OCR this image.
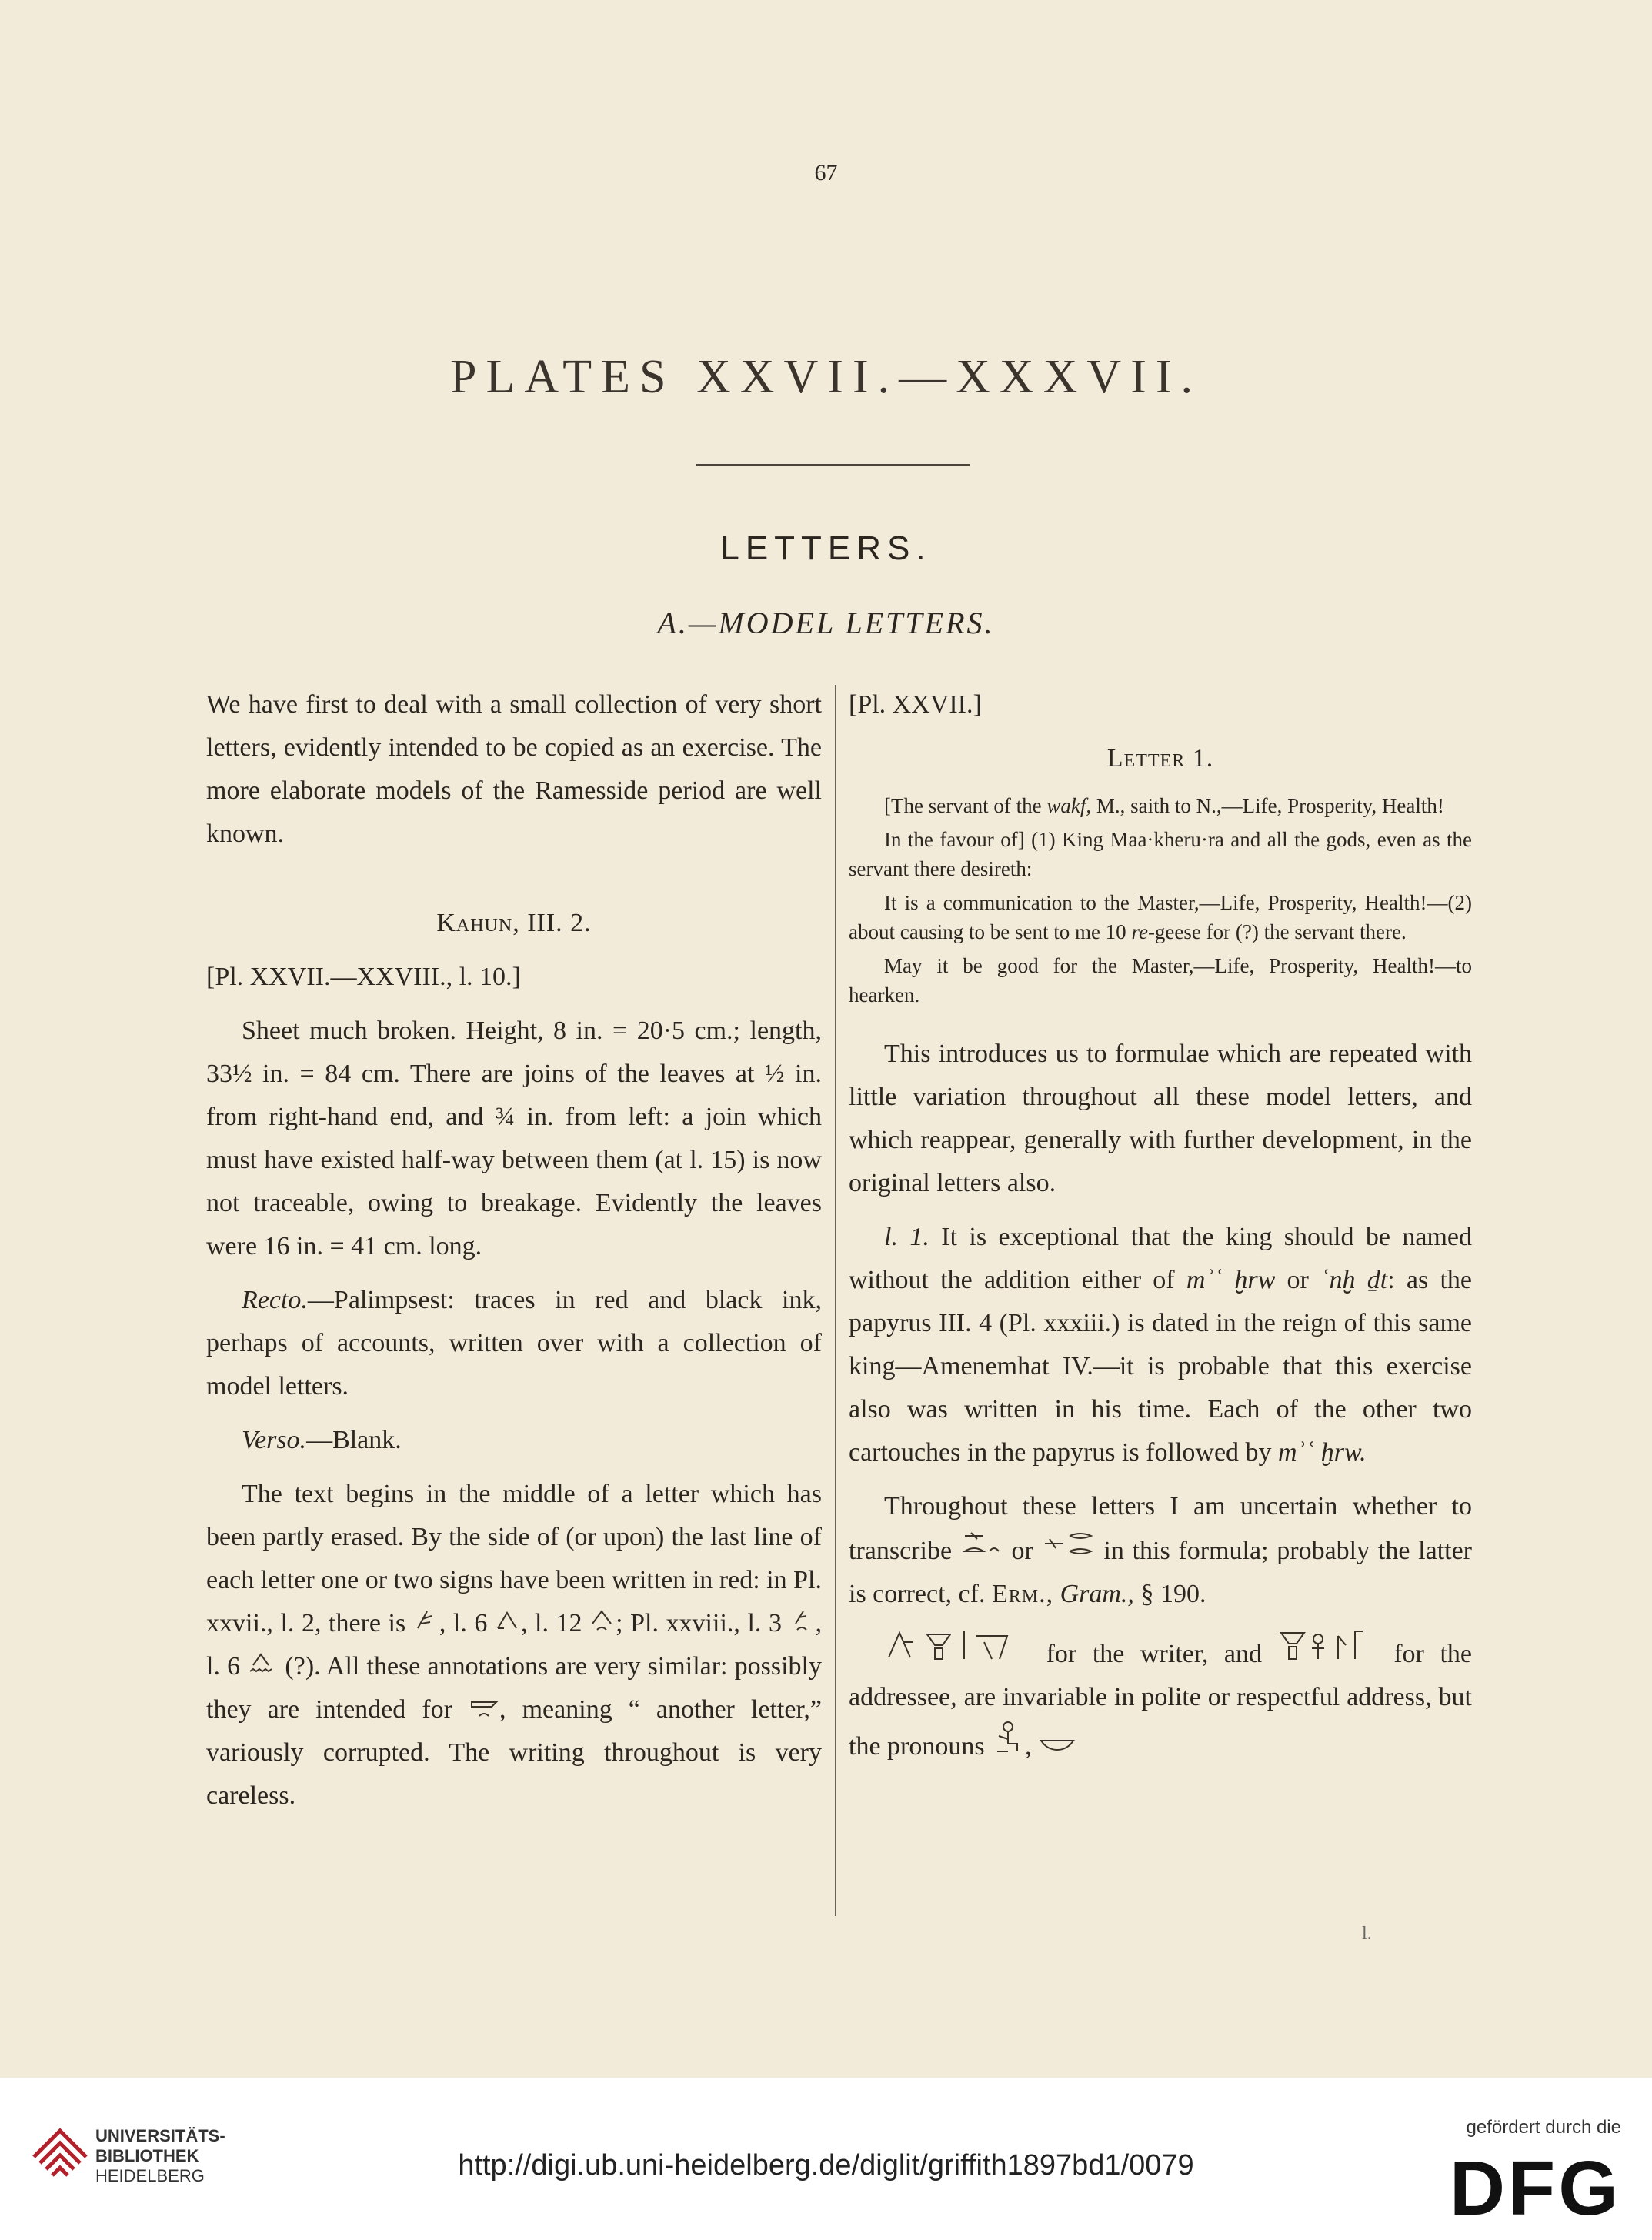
67
PLATES XXVII.—XXXVII.
LETTERS.
A.—MODEL LETTERS.

We have first to deal with a small collection of very short letters, evidently intended to be copied as an exercise. The more elaborate models of the Ramesside period are well known.

Kahun, III. 2.

[Pl. XXVII.—XXVIII., l. 10.]

Sheet much broken. Height, 8 in. = 20·5 cm.; length, 33½ in. = 84 cm. There are joins of the leaves at ½ in. from right-hand end, and ¾ in. from left: a join which must have existed half-way between them (at l. 15) is now not traceable, owing to breakage. Evidently the leaves were 16 in. = 41 cm. long.

Recto.—Palimpsest: traces in red and black ink, perhaps of accounts, written over with a collection of model letters.

Verso.—Blank.

The text begins in the middle of a letter which has been partly erased. By the side of (or upon) the last line of each letter one or two signs have been written in red: in Pl. xxvii., l. 2, there is , l. 6 , l. 12 ; Pl. xxviii., l. 3 , l. 6 (?). All these annotations are very similar: possibly they are intended for , meaning “ another letter,” variously corrupted. The writing throughout is very careless.

[Pl. XXVII.]

Letter 1.

[The servant of the wakf, M., saith to N.,—Life, Prosperity, Health!

In the favour of] (1) King Maa·kheru·ra and all the gods, even as the servant there desireth:

It is a communication to the Master,—Life, Prosperity, Health!—(2) about causing to be sent to me 10 re-geese for (?) the servant there.

May it be good for the Master,—Life, Prosperity, Health!—to hearken.

This introduces us to formulae which are repeated with little variation throughout all these model letters, and which reappear, generally with further development, in the original letters also.

l. 1. It is exceptional that the king should be named without the addition either of mʾʿ ḫrw or ʿnḫ ḏt: as the papyrus III. 4 (Pl. xxxiii.) is dated in the reign of this same king—Amenemhat IV.—it is probable that this exercise also was written in his time. Each of the other two cartouches in the papyrus is followed by mʾʿ ḫrw.

Throughout these letters I am uncertain whether to transcribe or	in this formula; probably the latter is correct, cf. Erm., Gram., § 190.

for the writer, and	for the addressee, are invariable in polite or respectful address, but the pronouns ,

l.
UNIVERSITÄTS-
BIBLIOTHEK
HEIDELBERG	http://digi.ub.uni-heidelberg.de/diglit/griffith1897bd1/0079
gefördert durch die
DFG
